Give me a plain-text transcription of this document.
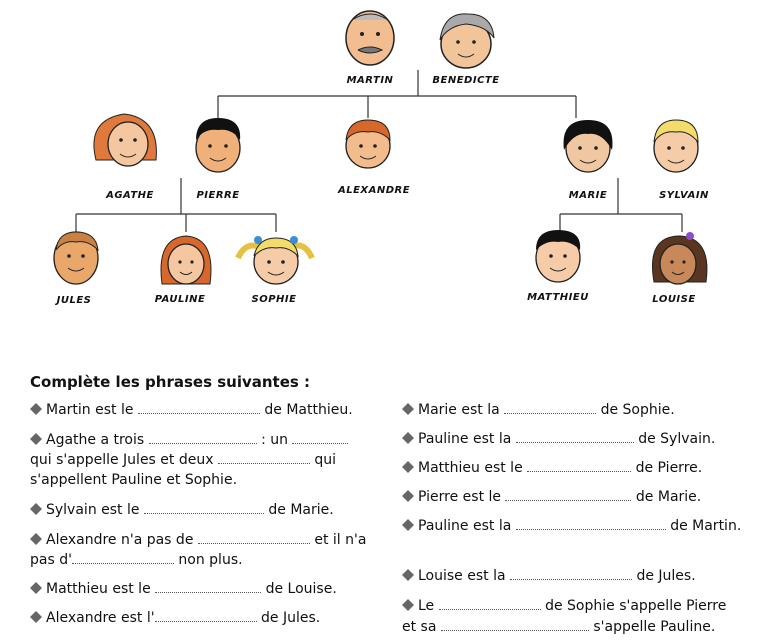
MARTIN	BENEDICTE
AGATHE	PIERRE	ALEXANDRE	MARIE	SYLVAIN
JULES	PAULINE	SOPHIE	MATTHIEU	LOUISE
Complète les phrases suivantes :
Martin est le	de Matthieu.
Agathe a trois	: un
qui s'appelle Jules et deux	qui
s'appellent Pauline et Sophie.
Sylvain est le	de Marie.
Alexandre n'a pas de	et il n'a
pas d'	non plus.
Matthieu est le	de Louise.
Alexandre est l'	de Jules.
Marie est la	de Sophie.
Pauline est la	de Sylvain.
Matthieu est le	de Pierre.
Pierre est le	de Marie.
Pauline est la	de Martin.
Louise est la	de Jules.
Le	de Sophie s'appelle Pierre
et sa	s'appelle Pauline.
